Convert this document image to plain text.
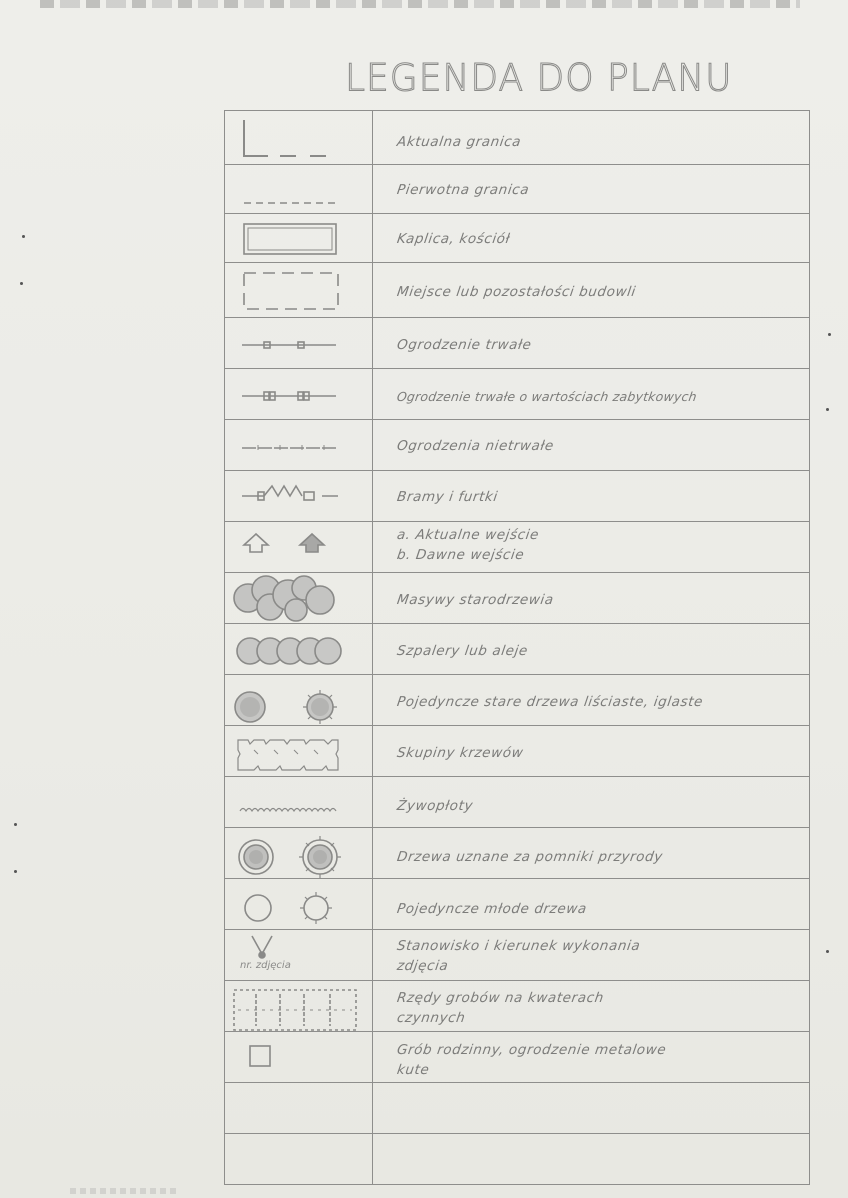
LEGENDA DO PLANU
Aktualna granica
Pierwotna granica
Kaplica, kościół
Miejsce lub pozostałości budowli
Ogrodzenie trwałe
Ogrodzenie trwałe o wartościach zabytkowych
Ogrodzenia nietrwałe
Bramy i furtki
a. Aktualne wejście
b. Dawne wejście
Masywy starodrzewia
Szpalery lub aleje
Pojedyncze stare drzewa liściaste, iglaste
Skupiny krzewów
Żywopłoty
Drzewa uznane za pomniki przyrody
Pojedyncze młode drzewa
Stanowisko i kierunek wykonania
zdjęcia
Rzędy grobów na kwaterach
czynnych
Grób rodzinny, ogrodzenie metalowe
kute
nr. zdjęcia
